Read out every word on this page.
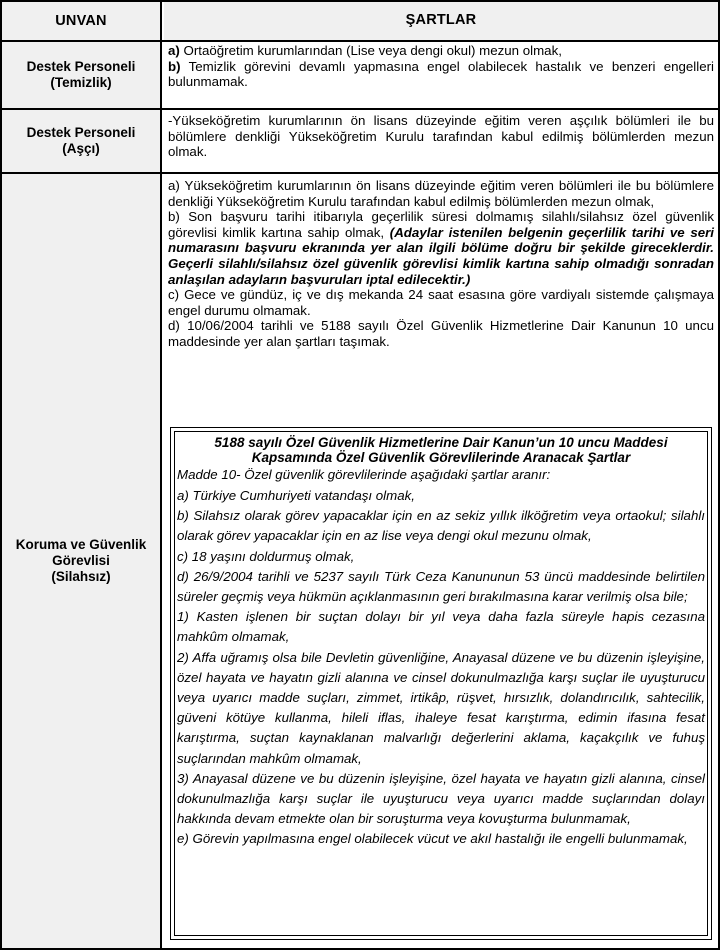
UNVAN	ŞARTLAR
Destek Personeli
(Temizlik)

a) Ortaöğretim kurumlarından (Lise veya dengi okul) mezun olmak,

b) Temizlik görevini devamlı yapmasına engel olabilecek hastalık ve benzeri engelleri bulunmamak.

Destek Personeli
(Aşçı)

-Yükseköğretim kurumlarının ön lisans düzeyinde eğitim veren aşçılık bölümleri ile bu bölümlere denkliği Yükseköğretim Kurulu tarafından kabul edilmiş bölümlerden mezun olmak.

Koruma ve Güvenlik
Görevlisi
(Silahsız)

a) Yükseköğretim kurumlarının ön lisans düzeyinde eğitim veren bölümleri ile bu bölümlere denkliği Yükseköğretim Kurulu tarafından kabul edilmiş bölümlerden mezun olmak,

b) Son başvuru tarihi itibarıyla geçerlilik süresi dolmamış silahlı/silahsız özel güvenlik görevlisi kimlik kartına sahip olmak, (Adaylar istenilen belgenin geçerlilik tarihi ve seri numarasını başvuru ekranında yer alan ilgili bölüme doğru bir şekilde gireceklerdir. Geçerli silahlı/silahsız özel güvenlik görevlisi kimlik kartına sahip olmadığı sonradan anlaşılan adayların başvuruları iptal edilecektir.)

c) Gece ve gündüz, iç ve dış mekanda 24 saat esasına göre vardiyalı sistemde çalışmaya engel durumu olmamak.

d) 10/06/2004 tarihli ve 5188 sayılı Özel Güvenlik Hizmetlerine Dair Kanunun 10 uncu maddesinde yer alan şartları taşımak.

5188 sayılı Özel Güvenlik Hizmetlerine Dair Kanun’un 10 uncu Maddesi Kapsamında Özel Güvenlik Görevlilerinde Aranacak Şartlar

Madde 10- Özel güvenlik görevlilerinde aşağıdaki şartlar aranır:

a) Türkiye Cumhuriyeti vatandaşı olmak,

b) Silahsız olarak görev yapacaklar için en az sekiz yıllık ilköğretim veya ortaokul; silahlı olarak görev yapacaklar için en az lise veya dengi okul mezunu olmak,

c) 18 yaşını doldurmuş olmak,

d) 26/9/2004 tarihli ve 5237 sayılı Türk Ceza Kanununun 53 üncü maddesinde belirtilen süreler geçmiş veya hükmün açıklanmasının geri bırakılmasına karar verilmiş olsa bile;

1) Kasten işlenen bir suçtan dolayı bir yıl veya daha fazla süreyle hapis cezasına mahkûm olmamak,

2) Affa uğramış olsa bile Devletin güvenliğine, Anayasal düzene ve bu düzenin işleyişine, özel hayata ve hayatın gizli alanına ve cinsel dokunulmazlığa karşı suçlar ile uyuşturucu veya uyarıcı madde suçları, zimmet, irtikâp, rüşvet, hırsızlık, dolandırıcılık, sahtecilik, güveni kötüye kullanma, hileli iflas, ihaleye fesat karıştırma, edimin ifasına fesat karıştırma, suçtan kaynaklanan malvarlığı değerlerini aklama, kaçakçılık ve fuhuş suçlarından mahkûm olmamak,

3) Anayasal düzene ve bu düzenin işleyişine, özel hayata ve hayatın gizli alanına, cinsel dokunulmazlığa karşı suçlar ile uyuşturucu veya uyarıcı madde suçlarından dolayı hakkında devam etmekte olan bir soruşturma veya kovuşturma bulunmamak,

e) Görevin yapılmasına engel olabilecek vücut ve akıl hastalığı ile engelli bulunmamak,
